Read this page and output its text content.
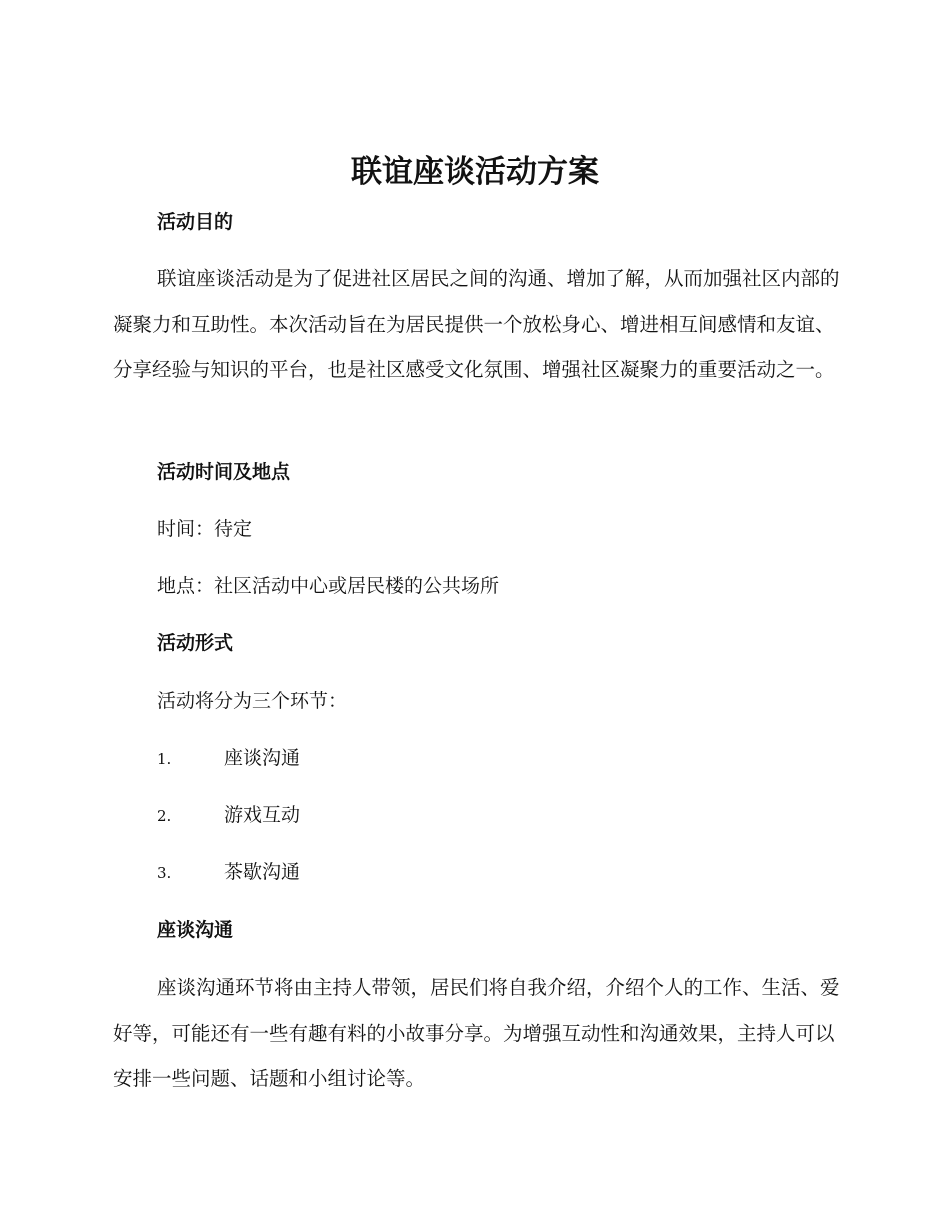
联谊座谈活动方案
活动目的

联谊座谈活动是为了促进社区居民之间的沟通、增加了解，从而加强社区内部的凝聚力和互助性。本次活动旨在为居民提供一个放松身心、增进相互间感情和友谊、分享经验与知识的平台，也是社区感受文化氛围、增强社区凝聚力的重要活动之一。

活动时间及地点

时间：待定

地点：社区活动中心或居民楼的公共场所

活动形式

活动将分为三个环节：

1.	座谈沟通
2.	游戏互动
3.	茶歇沟通
座谈沟通

座谈沟通环节将由主持人带领，居民们将自我介绍，介绍个人的工作、生活、爱好等，可能还有一些有趣有料的小故事分享。为增强互动性和沟通效果，主持人可以安排一些问题、话题和小组讨论等。
